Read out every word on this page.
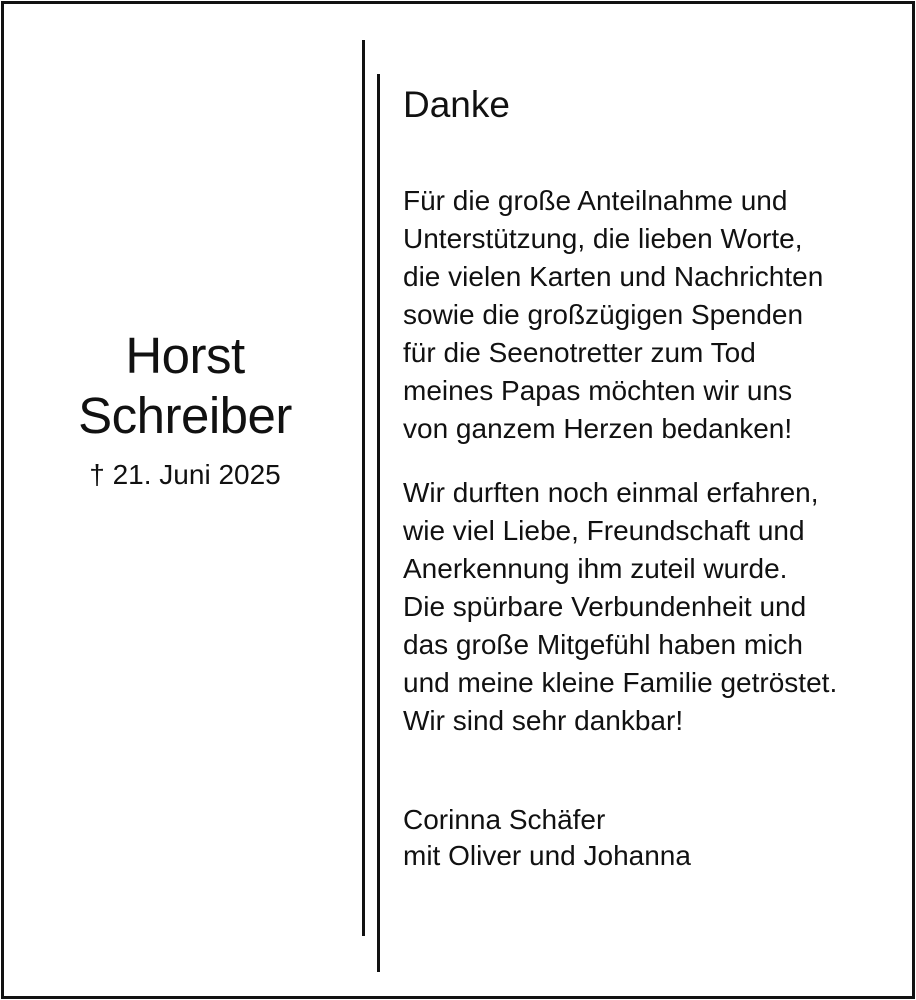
Horst
Schreiber
† 21. Juni 2025
Danke

Für die große Anteilnahme und
Unterstützung, die lieben Worte,
die vielen Karten und Nachrichten
sowie die großzügigen Spenden
für die Seenotretter zum Tod
meines Papas möchten wir uns
von ganzem Herzen bedanken!

Wir durften noch einmal erfahren,
wie viel Liebe, Freundschaft und
Anerkennung ihm zuteil wurde.
Die spürbare Verbundenheit und
das große Mitgefühl haben mich
und meine kleine Familie getröstet.
Wir sind sehr dankbar!

Corinna Schäfer
mit Oliver und Johanna
